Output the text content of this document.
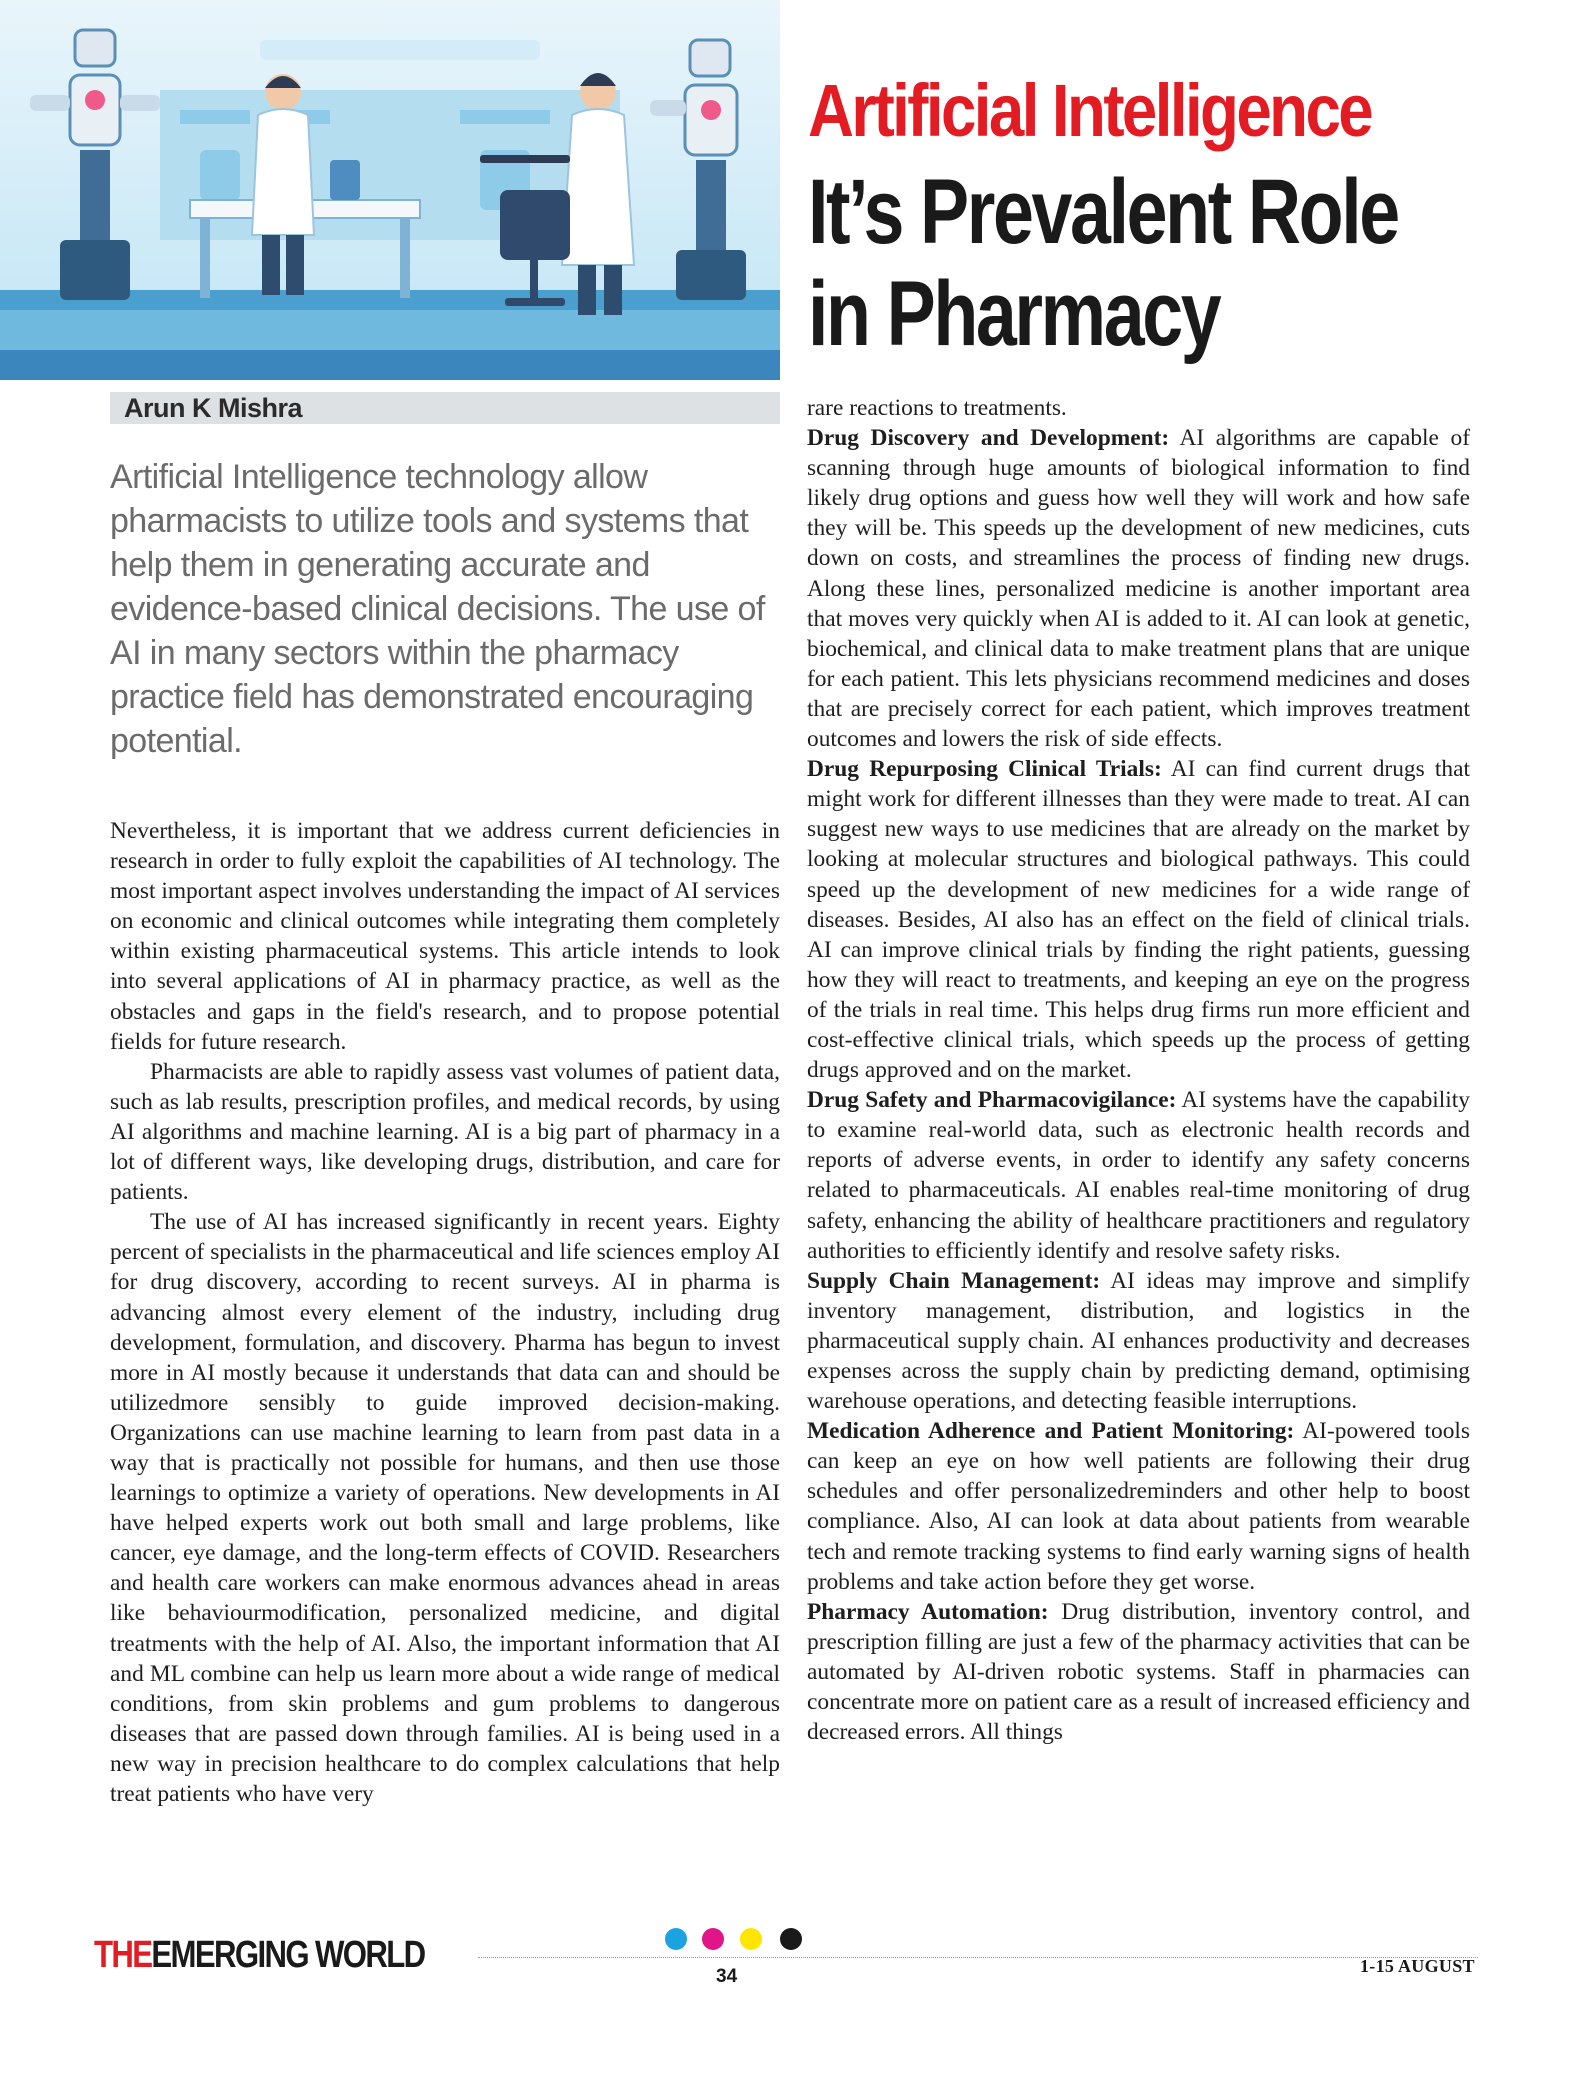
Artificial Intelligence
It’s Prevalent Role
in Pharmacy

Arun K Mishra

Artificial Intelligence technology allow pharmacists to utilize tools and systems that help them in generating accurate and evidence-based clinical decisions. The use of AI in many sectors within the pharmacy practice field has demonstrated encouraging potential.

Nevertheless, it is important that we address current deficiencies in research in order to fully exploit the capabilities of AI technology. The most important aspect involves understanding the impact of AI services on economic and clinical outcomes while integrating them completely within existing pharmaceutical systems. This article intends to look into several applications of AI in pharmacy practice, as well as the obstacles and gaps in the field's research, and to propose potential fields for future research.

Pharmacists are able to rapidly assess vast volumes of patient data, such as lab results, prescription profiles, and medical records, by using AI algorithms and machine learning. AI is a big part of pharmacy in a lot of different ways, like developing drugs, distribution, and care for patients.

The use of AI has increased significantly in recent years. Eighty percent of specialists in the pharmaceutical and life sciences employ AI for drug discovery, according to recent surveys. AI in pharma is advancing almost every element of the industry, including drug development, formulation, and discovery. Pharma has begun to invest more in AI mostly because it understands that data can and should be utilizedmore sensibly to guide improved decision-making. Organizations can use machine learning to learn from past data in a way that is practically not possible for humans, and then use those learnings to optimize a variety of operations. New developments in AI have helped experts work out both small and large problems, like cancer, eye damage, and the long-term effects of COVID. Researchers and health care workers can make enormous advances ahead in areas like behaviourmodification, personalized medicine, and digital treatments with the help of AI. Also, the important information that AI and ML combine can help us learn more about a wide range of medical conditions, from skin problems and gum problems to dangerous diseases that are passed down through families. AI is being used in a new way in precision healthcare to do complex calculations that help treat patients who have very

rare reactions to treatments.

Drug Discovery and Development: AI algorithms are capable of scanning through huge amounts of biological information to find likely drug options and guess how well they will work and how safe they will be. This speeds up the development of new medicines, cuts down on costs, and streamlines the process of finding new drugs. Along these lines, personalized medicine is another important area that moves very quickly when AI is added to it. AI can look at genetic, biochemical, and clinical data to make treatment plans that are unique for each patient. This lets physicians recommend medicines and doses that are precisely correct for each patient, which improves treatment outcomes and lowers the risk of side effects.

Drug Repurposing Clinical Trials: AI can find current drugs that might work for different illnesses than they were made to treat. AI can suggest new ways to use medicines that are already on the market by looking at molecular structures and biological pathways. This could speed up the development of new medicines for a wide range of diseases. Besides, AI also has an effect on the field of clinical trials. AI can improve clinical trials by finding the right patients, guessing how they will react to treatments, and keeping an eye on the progress of the trials in real time. This helps drug firms run more efficient and cost-effective clinical trials, which speeds up the process of getting drugs approved and on the market.

Drug Safety and Pharmacovigilance: AI systems have the capability to examine real-world data, such as electronic health records and reports of adverse events, in order to identify any safety concerns related to pharmaceuticals. AI enables real-time monitoring of drug safety, enhancing the ability of healthcare practitioners and regulatory authorities to efficiently identify and resolve safety risks.

Supply Chain Management: AI ideas may improve and simplify inventory management, distribution, and logistics in the pharmaceutical supply chain. AI enhances productivity and decreases expenses across the supply chain by predicting demand, optimising warehouse operations, and detecting feasible interruptions.

Medication Adherence and Patient Monitoring: AI-powered tools can keep an eye on how well patients are following their drug schedules and offer personalizedreminders and other help to boost compliance. Also, AI can look at data about patients from wearable tech and remote tracking systems to find early warning signs of health problems and take action before they get worse.

Pharmacy Automation: Drug distribution, inventory control, and prescription filling are just a few of the pharmacy activities that can be automated by AI-driven robotic systems. Staff in pharmacies can concentrate more on patient care as a result of increased efficiency and decreased errors. All things

THEEMERGING WORLD

34	1-15 AUGUST
